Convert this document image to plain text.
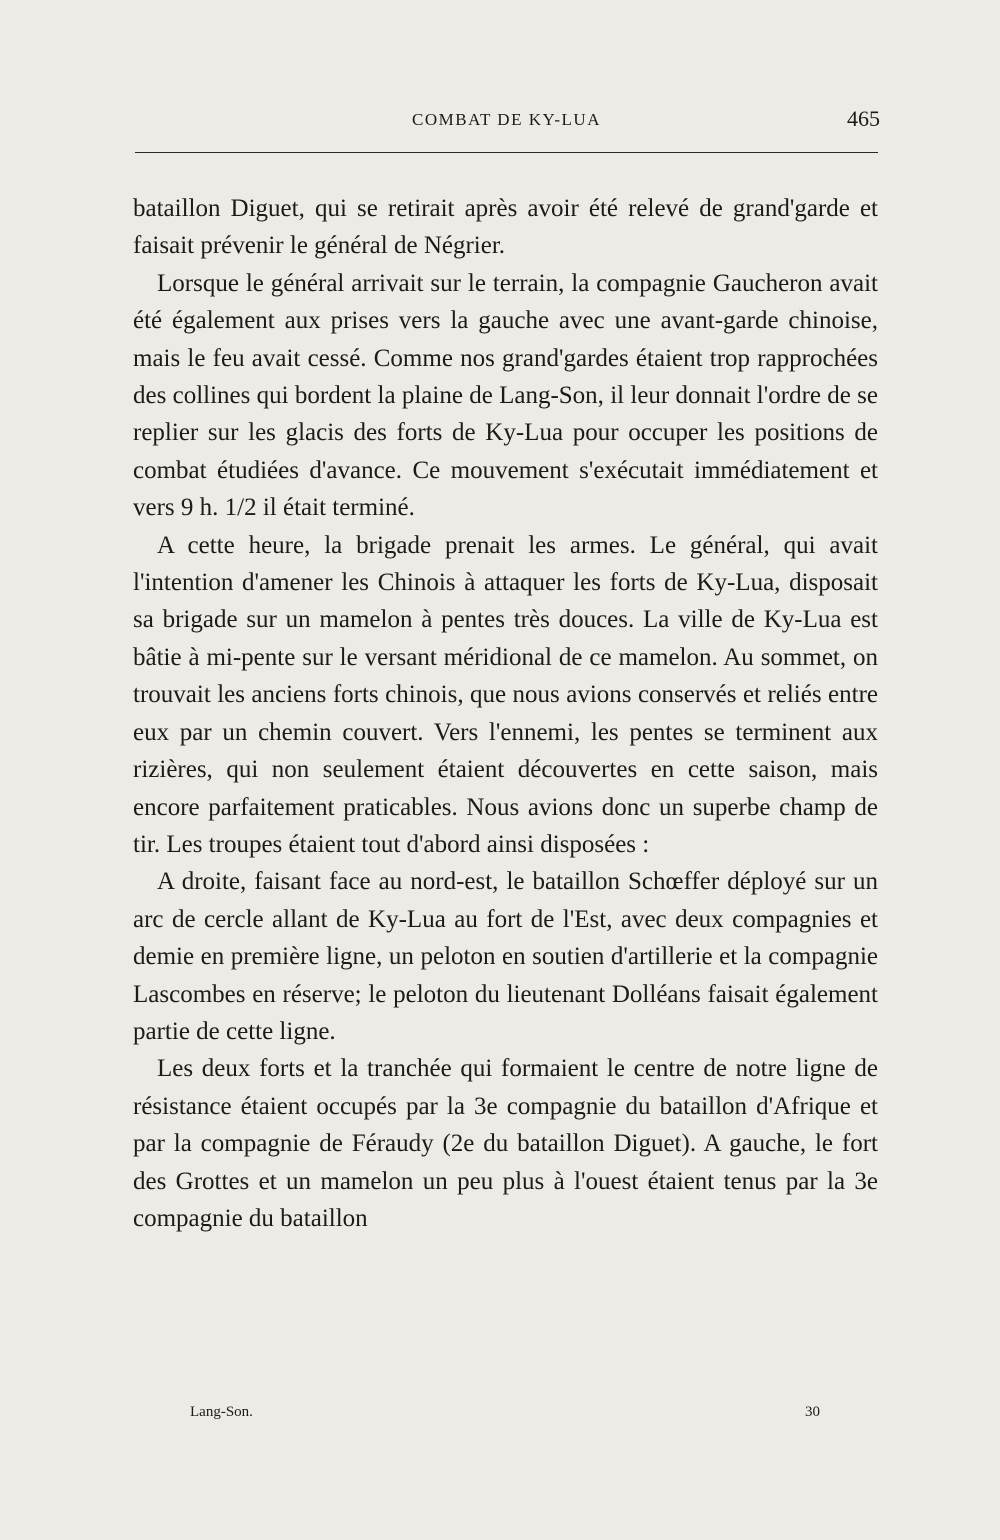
COMBAT DE KY-LUA	465

bataillon Diguet, qui se retirait après avoir été relevé de grand'garde et faisait prévenir le général de Négrier.

Lorsque le général arrivait sur le terrain, la compagnie Gaucheron avait été également aux prises vers la gauche avec une avant-garde chinoise, mais le feu avait cessé. Comme nos grand'gardes étaient trop rapprochées des collines qui bordent la plaine de Lang-Son, il leur donnait l'ordre de se replier sur les glacis des forts de Ky-Lua pour occuper les positions de combat étudiées d'avance. Ce mouvement s'exécutait immédiatement et vers 9 h. 1/2 il était terminé.

A cette heure, la brigade prenait les armes. Le général, qui avait l'intention d'amener les Chinois à attaquer les forts de Ky-Lua, disposait sa brigade sur un mamelon à pentes très douces. La ville de Ky-Lua est bâtie à mi-pente sur le versant méridional de ce mamelon. Au sommet, on trouvait les anciens forts chinois, que nous avions conservés et reliés entre eux par un chemin couvert. Vers l'ennemi, les pentes se terminent aux rizières, qui non seulement étaient découvertes en cette saison, mais encore parfaitement praticables. Nous avions donc un superbe champ de tir. Les troupes étaient tout d'abord ainsi disposées :

A droite, faisant face au nord-est, le bataillon Schœffer déployé sur un arc de cercle allant de Ky-Lua au fort de l'Est, avec deux compagnies et demie en première ligne, un peloton en soutien d'artillerie et la compagnie Lascombes en réserve; le peloton du lieutenant Dolléans faisait également partie de cette ligne.

Les deux forts et la tranchée qui formaient le centre de notre ligne de résistance étaient occupés par la 3e compagnie du bataillon d'Afrique et par la compagnie de Féraudy (2e du bataillon Diguet). A gauche, le fort des Grottes et un mamelon un peu plus à l'ouest étaient tenus par la 3e compagnie du bataillon

Lang-Son.	30
